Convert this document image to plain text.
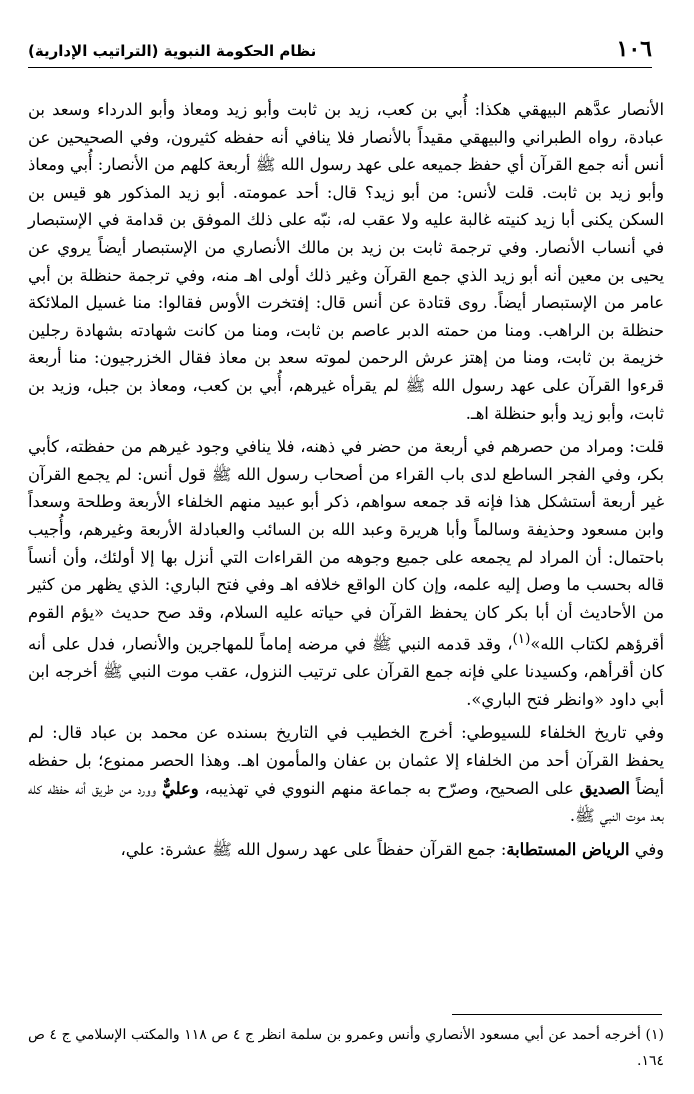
١٠٦
نظام الحكومة النبوية (التراتيب الإدارية)

الأنصار عدَّهم البيهقي هكذا: أُبي بن كعب، زيد بن ثابت وأبو زيد ومعاذ وأبو الدرداء وسعد بن عبادة، رواه الطبراني والبيهقي مقيداً بالأنصار فلا ينافي أنه حفظه كثيرون، وفي الصحيحين عن أنس أنه جمع القرآن أي حفظ جميعه على عهد رسول الله ﷺ أربعة كلهم من الأنصار: أُبي ومعاذ وأبو زيد بن ثابت. قلت لأنس: من أبو زيد؟ قال: أحد عمومته. أبو زيد المذكور هو قيس بن السكن يكنى أبا زيد كنيته غالبة عليه ولا عقب له، نبّه على ذلك الموفق بن قدامة في الإستبصار في أنساب الأنصار. وفي ترجمة ثابت بن زيد بن مالك الأنصاري من الإستبصار أيضاً يروي عن يحيى بن معين أنه أبو زيد الذي جمع القرآن وغير ذلك أولى اهـ منه، وفي ترجمة حنظلة بن أبي عامر من الإستبصار أيضاً. روى قتادة عن أنس قال: إفتخرت الأوس فقالوا: منا غسيل الملائكة حنظلة بن الراهب. ومنا من حمته الدبر عاصم بن ثابت، ومنا من كانت شهادته بشهادة رجلين خزيمة بن ثابت، ومنا من إهتز عرش الرحمن لموته سعد بن معاذ فقال الخزرجيون: منا أربعة قرءوا القرآن على عهد رسول الله ﷺ لم يقرأه غيرهم، أُبي بن كعب، ومعاذ بن جبل، وزيد بن ثابت، وأبو زيد وأبو حنظلة اهـ.

قلت: ومراد من حصرهم في أربعة من حضر في ذهنه، فلا ينافي وجود غيرهم من حفظته، كأبي بكر، وفي الفجر الساطع لدى باب القراء من أصحاب رسول الله ﷺ قول أنس: لم يجمع القرآن غير أربعة أستشكل هذا فإنه قد جمعه سواهم، ذكر أبو عبيد منهم الخلفاء الأربعة وطلحة وسعداً وابن مسعود وحذيفة وسالماً وأبا هريرة وعبد الله بن السائب والعبادلة الأربعة وغيرهم، وأُجيب باحتمال: أن المراد لم يجمعه على جميع وجوهه من القراءات التي أنزل بها إلا أولئك، وأن أنساً قاله بحسب ما وصل إليه علمه، وإن كان الواقع خلافه اهـ وفي فتح الباري: الذي يظهر من كثير من الأحاديث أن أبا بكر كان يحفظ القرآن في حياته عليه السلام، وقد صح حديث «يؤم القوم أقرؤهم لكتاب الله»$^{(١)}$، وقد قدمه النبي ﷺ في مرضه إماماً للمهاجرين والأنصار، فدل على أنه كان أقرأهم، وكسيدنا علي فإنه جمع القرآن على ترتيب النزول، عقب موت النبي ﷺ أخرجه ابن أبي داود «وانظر فتح الباري».

وفي تاريخ الخلفاء للسيوطي: أخرج الخطيب في التاريخ بسنده عن محمد بن عباد قال: لم يحفظ القرآن أحد من الخلفاء إلا عثمان بن عفان والمأمون اهـ. وهذا الحصر ممنوع؛ بل حفظه أيضاً الصديق على الصحيح، وصرّح به جماعة منهم النووي في تهذيبه، وعليٌّ وورد من طريق أنه حفظه كله بعد موت النبي ﷺ.

وفي الرياض المستطابة: جمع القرآن حفظاً على عهد رسول الله ﷺ عشرة: علي،

(١) أخرجه أحمد عن أبي مسعود الأنصاري وأنس وعمرو بن سلمة انظر ج ٤ ص ١١٨ والمكتب الإسلامي ج ٤ ص ١٦٤.
